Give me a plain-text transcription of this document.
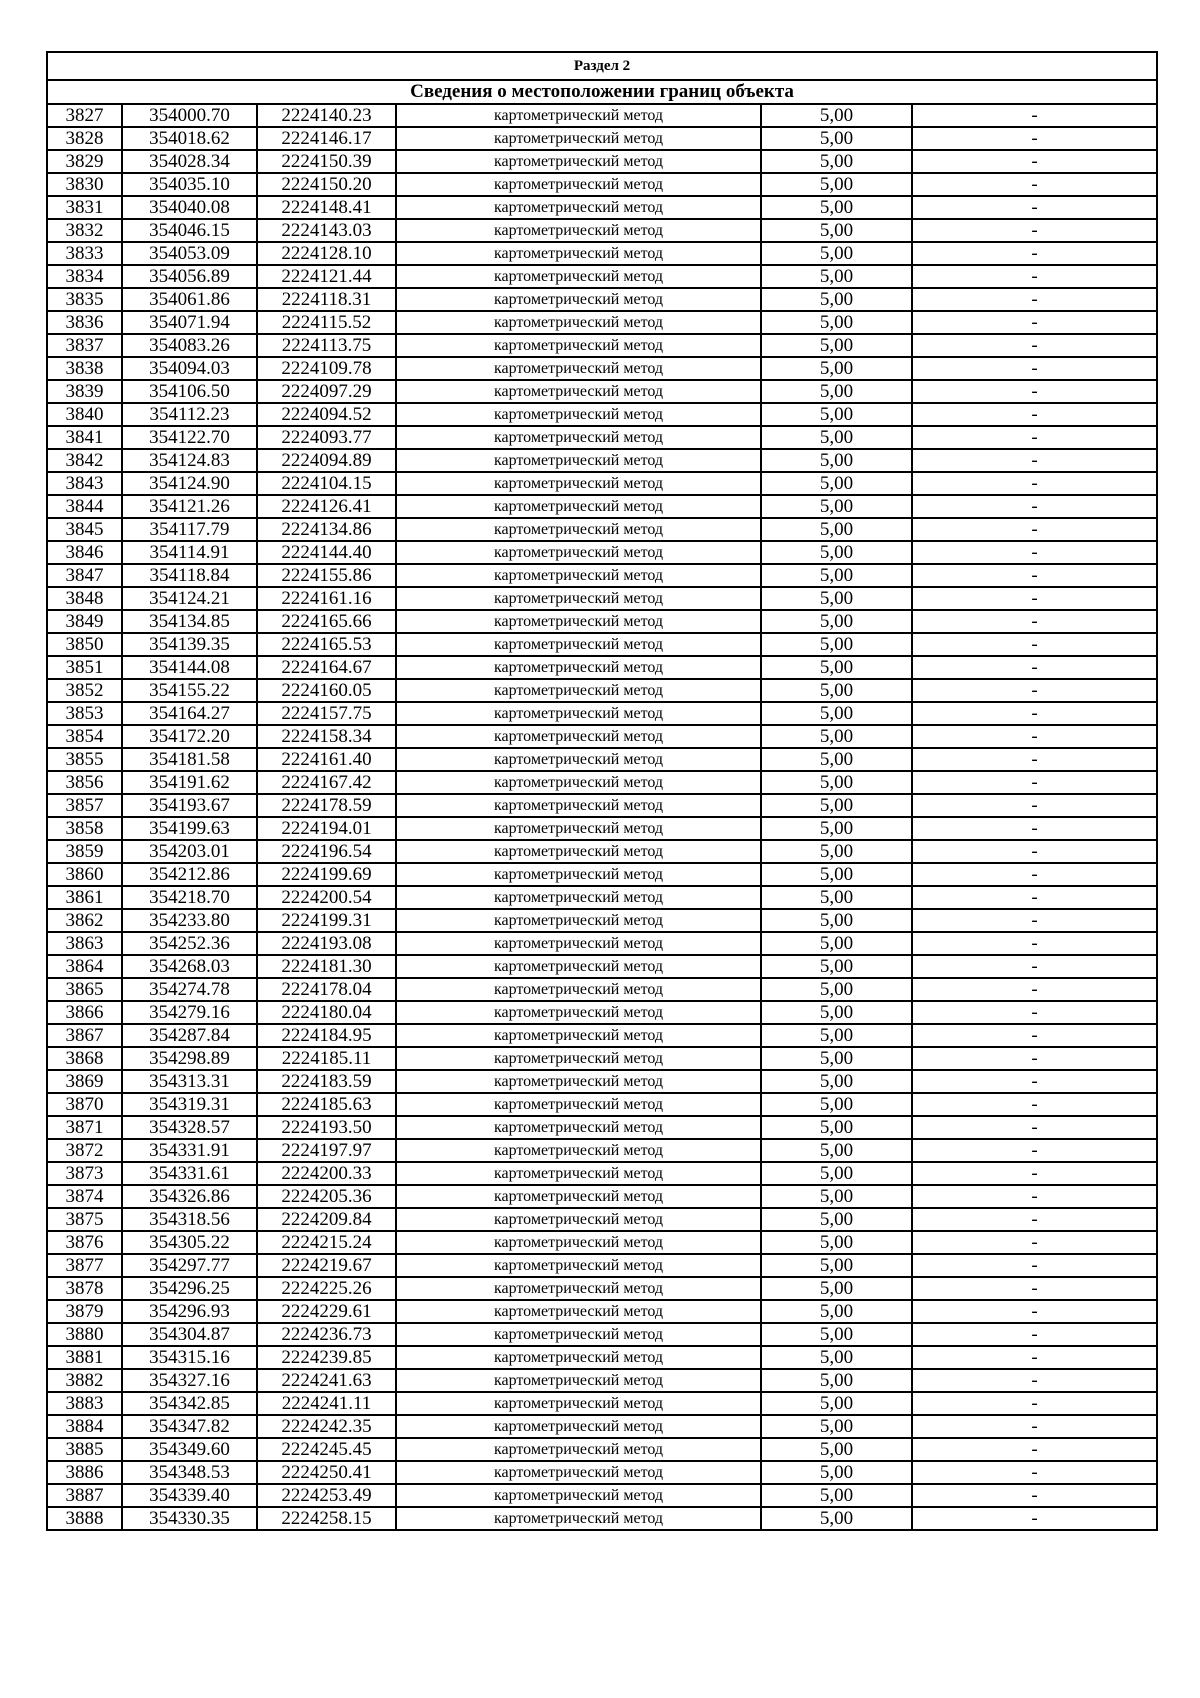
Раздел 2					
Сведения о местоположении границ объекта					
3827	354000.70	2224140.23	картометрический метод	5,00	-
3828	354018.62	2224146.17	картометрический метод	5,00	-
3829	354028.34	2224150.39	картометрический метод	5,00	-
3830	354035.10	2224150.20	картометрический метод	5,00	-
3831	354040.08	2224148.41	картометрический метод	5,00	-
3832	354046.15	2224143.03	картометрический метод	5,00	-
3833	354053.09	2224128.10	картометрический метод	5,00	-
3834	354056.89	2224121.44	картометрический метод	5,00	-
3835	354061.86	2224118.31	картометрический метод	5,00	-
3836	354071.94	2224115.52	картометрический метод	5,00	-
3837	354083.26	2224113.75	картометрический метод	5,00	-
3838	354094.03	2224109.78	картометрический метод	5,00	-
3839	354106.50	2224097.29	картометрический метод	5,00	-
3840	354112.23	2224094.52	картометрический метод	5,00	-
3841	354122.70	2224093.77	картометрический метод	5,00	-
3842	354124.83	2224094.89	картометрический метод	5,00	-
3843	354124.90	2224104.15	картометрический метод	5,00	-
3844	354121.26	2224126.41	картометрический метод	5,00	-
3845	354117.79	2224134.86	картометрический метод	5,00	-
3846	354114.91	2224144.40	картометрический метод	5,00	-
3847	354118.84	2224155.86	картометрический метод	5,00	-
3848	354124.21	2224161.16	картометрический метод	5,00	-
3849	354134.85	2224165.66	картометрический метод	5,00	-
3850	354139.35	2224165.53	картометрический метод	5,00	-
3851	354144.08	2224164.67	картометрический метод	5,00	-
3852	354155.22	2224160.05	картометрический метод	5,00	-
3853	354164.27	2224157.75	картометрический метод	5,00	-
3854	354172.20	2224158.34	картометрический метод	5,00	-
3855	354181.58	2224161.40	картометрический метод	5,00	-
3856	354191.62	2224167.42	картометрический метод	5,00	-
3857	354193.67	2224178.59	картометрический метод	5,00	-
3858	354199.63	2224194.01	картометрический метод	5,00	-
3859	354203.01	2224196.54	картометрический метод	5,00	-
3860	354212.86	2224199.69	картометрический метод	5,00	-
3861	354218.70	2224200.54	картометрический метод	5,00	-
3862	354233.80	2224199.31	картометрический метод	5,00	-
3863	354252.36	2224193.08	картометрический метод	5,00	-
3864	354268.03	2224181.30	картометрический метод	5,00	-
3865	354274.78	2224178.04	картометрический метод	5,00	-
3866	354279.16	2224180.04	картометрический метод	5,00	-
3867	354287.84	2224184.95	картометрический метод	5,00	-
3868	354298.89	2224185.11	картометрический метод	5,00	-
3869	354313.31	2224183.59	картометрический метод	5,00	-
3870	354319.31	2224185.63	картометрический метод	5,00	-
3871	354328.57	2224193.50	картометрический метод	5,00	-
3872	354331.91	2224197.97	картометрический метод	5,00	-
3873	354331.61	2224200.33	картометрический метод	5,00	-
3874	354326.86	2224205.36	картометрический метод	5,00	-
3875	354318.56	2224209.84	картометрический метод	5,00	-
3876	354305.22	2224215.24	картометрический метод	5,00	-
3877	354297.77	2224219.67	картометрический метод	5,00	-
3878	354296.25	2224225.26	картометрический метод	5,00	-
3879	354296.93	2224229.61	картометрический метод	5,00	-
3880	354304.87	2224236.73	картометрический метод	5,00	-
3881	354315.16	2224239.85	картометрический метод	5,00	-
3882	354327.16	2224241.63	картометрический метод	5,00	-
3883	354342.85	2224241.11	картометрический метод	5,00	-
3884	354347.82	2224242.35	картометрический метод	5,00	-
3885	354349.60	2224245.45	картометрический метод	5,00	-
3886	354348.53	2224250.41	картометрический метод	5,00	-
3887	354339.40	2224253.49	картометрический метод	5,00	-
3888	354330.35	2224258.15	картометрический метод	5,00	-
